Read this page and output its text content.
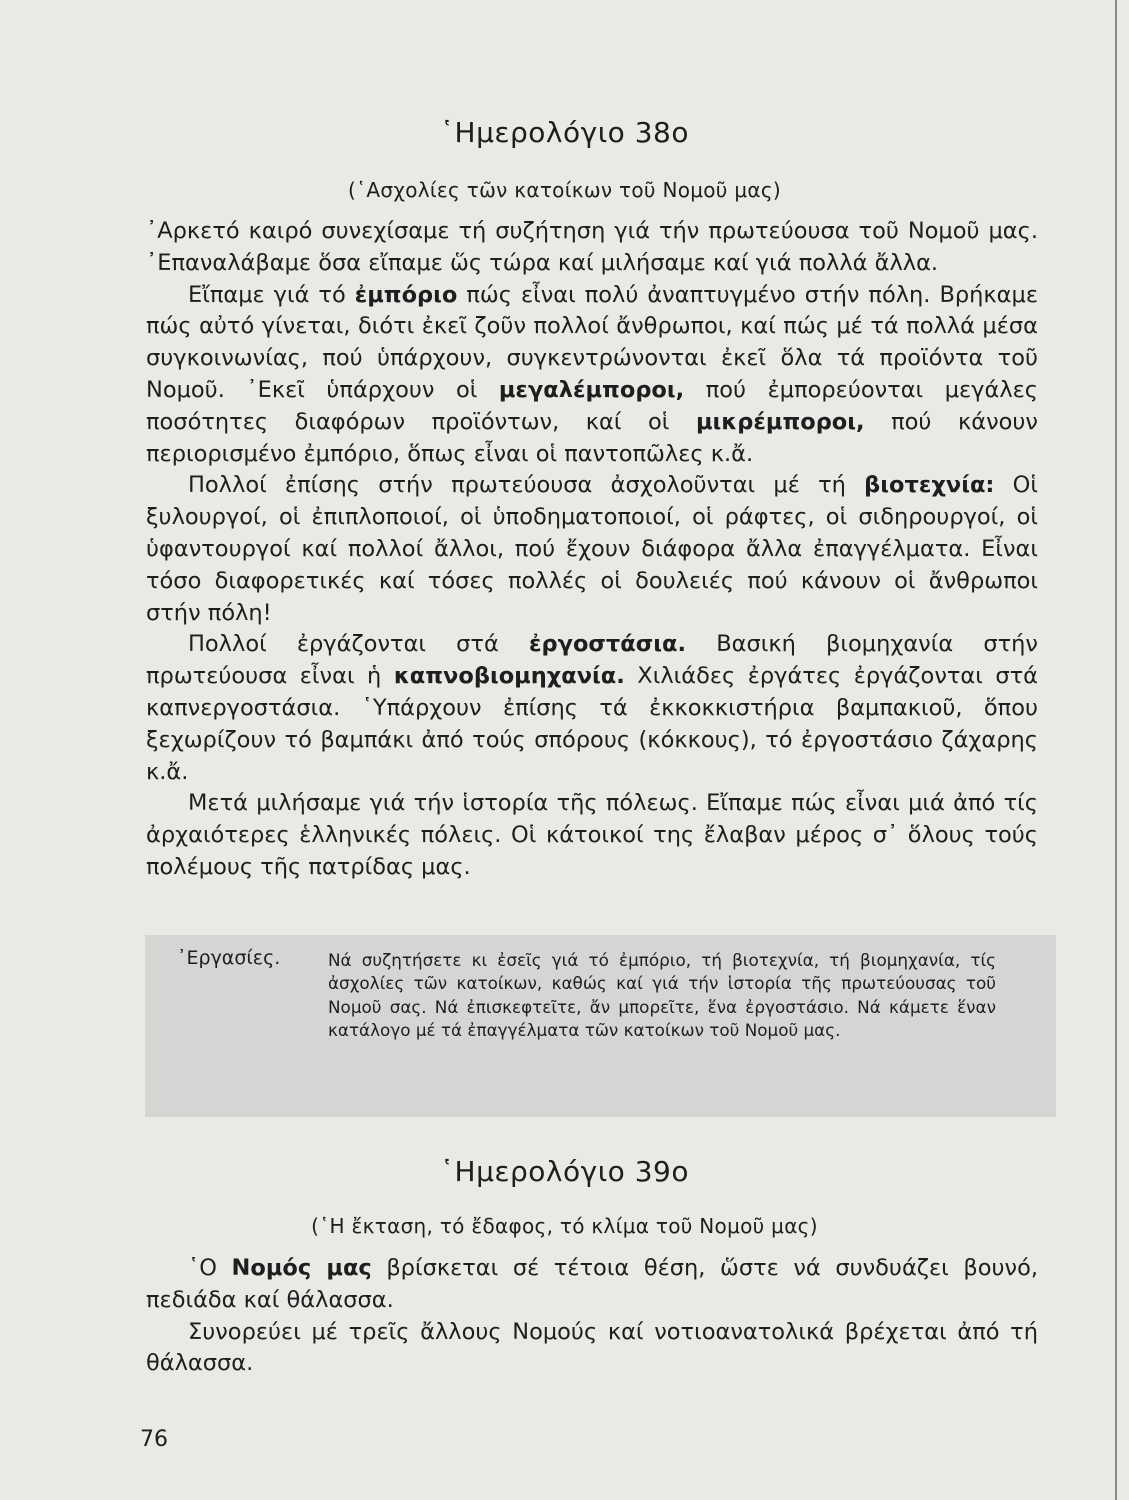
῾Ημερολόγιο 38ο
(῾Ασχολίες τῶν κατοίκων τοῦ Νομοῦ μας)

᾿Αρκετό καιρό συνεχίσαμε τή συζήτηση γιά τήν πρωτεύουσα τοῦ Νομοῦ μας. ᾿Επαναλάβαμε ὅσα εἴπαμε ὥς τώρα καί μιλήσαμε καί γιά πολλά ἄλλα.

Εἴπαμε γιά τό ἐμπόριο πώς εἶναι πολύ ἀναπτυγμένο στήν πόλη. Βρήκαμε πώς αὐτό γίνεται, διότι ἐκεῖ ζοῦν πολλοί ἄνθρωποι, καί πώς μέ τά πολλά μέσα συγκοινωνίας, πού ὑπάρχουν, συγκεντρώνονται ἐκεῖ ὅλα τά προϊόντα τοῦ Νομοῦ. ᾿Εκεῖ ὑπάρχουν οἱ μεγαλέμποροι, πού ἐμπορεύονται μεγάλες ποσότητες διαφόρων προϊόντων, καί οἱ μικρέμποροι, πού κάνουν περιορισμένο ἐμπόριο, ὅπως εἶναι οἱ παντοπῶλες κ.ἄ.

Πολλοί ἐπίσης στήν πρωτεύουσα ἀσχολοῦνται μέ τή βιοτεχνία: Οἱ ξυλουργοί, οἱ ἐπιπλοποιοί, οἱ ὑποδηματοποιοί, οἱ ράφτες, οἱ σιδηρουργοί, οἱ ὑφαντουργοί καί πολλοί ἄλλοι, πού ἔχουν διάφορα ἄλλα ἐπαγγέλματα. Εἶναι τόσο διαφορετικές καί τόσες πολλές οἱ δουλειές πού κάνουν οἱ ἄνθρωποι στήν πόλη!

Πολλοί ἐργάζονται στά ἐργοστάσια. Βασική βιομηχανία στήν πρωτεύουσα εἶναι ἡ καπνοβιομηχανία. Χιλιάδες ἐργάτες ἐργάζονται στά καπνεργοστάσια. ῾Υπάρχουν ἐπίσης τά ἐκκοκκιστήρια βαμπακιοῦ, ὅπου ξεχωρίζουν τό βαμπάκι ἀπό τούς σπόρους (κόκκους), τό ἐργοστάσιο ζάχαρης κ.ἄ.

Μετά μιλήσαμε γιά τήν ἱστορία τῆς πόλεως. Εἴπαμε πώς εἶναι μιά ἀπό τίς ἀρχαιότερες ἑλληνικές πόλεις. Οἱ κάτοικοί της ἔλαβαν μέρος σ᾿ ὅλους τούς πολέμους τῆς πατρίδας μας.

᾿Εργασίες.	Νά συζητήσετε κι ἐσεῖς γιά τό ἐμπόριο, τή βιοτεχνία, τή βιομηχανία, τίς ἀσχολίες τῶν κατοίκων, καθώς καί γιά τήν ἱστορία τῆς πρωτεύουσας τοῦ Νομοῦ σας. Νά ἐπισκεφτεῖτε, ἄν μπορεῖτε, ἕνα ἐργοστάσιο. Νά κάμετε ἕναν κατάλογο μέ τά ἐπαγγέλματα τῶν κατοίκων τοῦ Νομοῦ μας.
῾Ημερολόγιο 39ο
(῾Η ἔκταση, τό ἔδαφος, τό κλίμα τοῦ Νομοῦ μας)

῾Ο Νομός μας βρίσκεται σέ τέτοια θέση, ὥστε νά συνδυάζει βουνό, πεδιάδα καί θάλασσα.

Συνορεύει μέ τρεῖς ἄλλους Νομούς καί νοτιοανατολικά βρέχεται ἀπό τή θάλασσα.

76
